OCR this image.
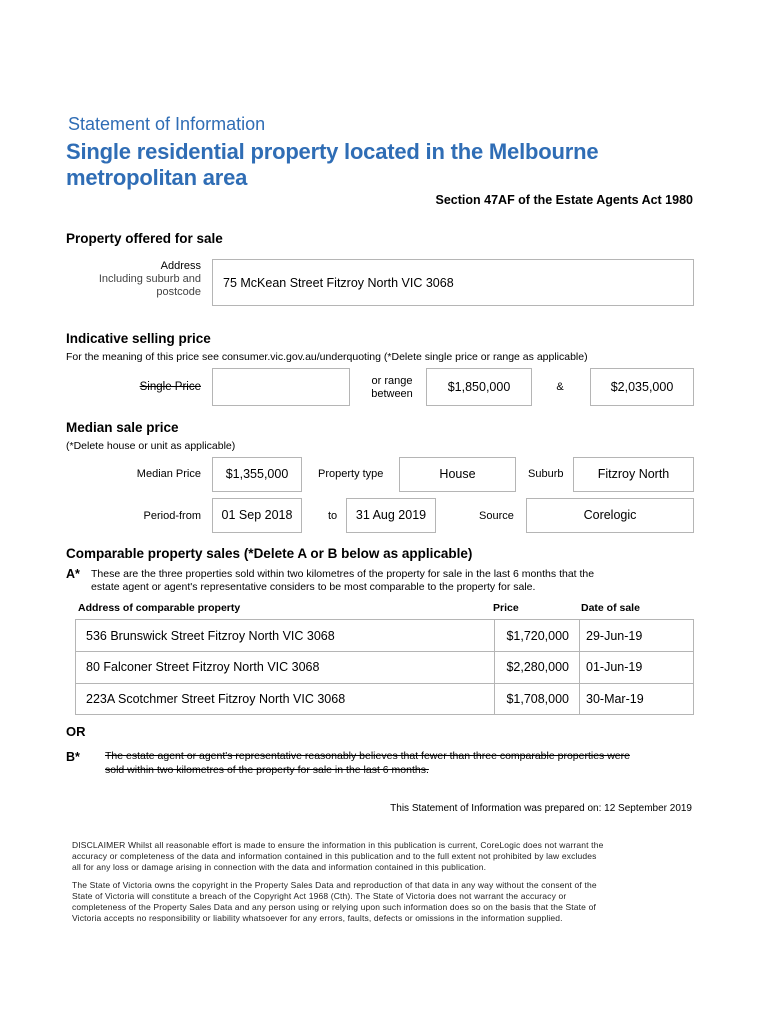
Statement of Information
Single residential property located in the Melbourne
metropolitan area
Section 47AF of the Estate Agents Act 1980
Property offered for sale
Address
Including suburb and
postcode
75 McKean Street Fitzroy North VIC 3068
Indicative selling price
For the meaning of this price see consumer.vic.gov.au/underquoting (*Delete single price or range as applicable)
Single Price	or range
between	$1,850,000	&	$2,035,000
Median sale price
(*Delete house or unit as applicable)
Median Price	$1,355,000	Property type	House	Suburb	Fitzroy North
Period-from	01 Sep 2018	to	31 Aug 2019	Source	Corelogic
Comparable property sales (*Delete A or B below as applicable)
A* These are the three properties sold within two kilometres of the property for sale in the last 6 months that the
estate agent or agent's representative considers to be most comparable to the property for sale.
Address of comparable property	Price	Date of sale
536 Brunswick Street Fitzroy North VIC 3068	$1,720,000 29-Jun-19
80 Falconer Street Fitzroy North VIC 3068	$2,280,000 01-Jun-19
223A Scotchmer Street Fitzroy North VIC 3068	$1,708,000 30-Mar-19
OR
B* The estate agent or agent's representative reasonably believes that fewer than three comparable properties were
sold within two kilometres of the property for sale in the last 6 months.
This Statement of Information was prepared on: 12 September 2019
DISCLAIMER Whilst all reasonable effort is made to ensure the information in this publication is current, CoreLogic does not warrant the
accuracy or completeness of the data and information contained in this publication and to the full extent not prohibited by law excludes
all for any loss or damage arising in connection with the data and information contained in this publication.
The State of Victoria owns the copyright in the Property Sales Data and reproduction of that data in any way without the consent of the
State of Victoria will constitute a breach of the Copyright Act 1968 (Cth). The State of Victoria does not warrant the accuracy or
completeness of the Property Sales Data and any person using or relying upon such information does so on the basis that the State of
Victoria accepts no responsibility or liability whatsoever for any errors, faults, defects or omissions in the information supplied.
